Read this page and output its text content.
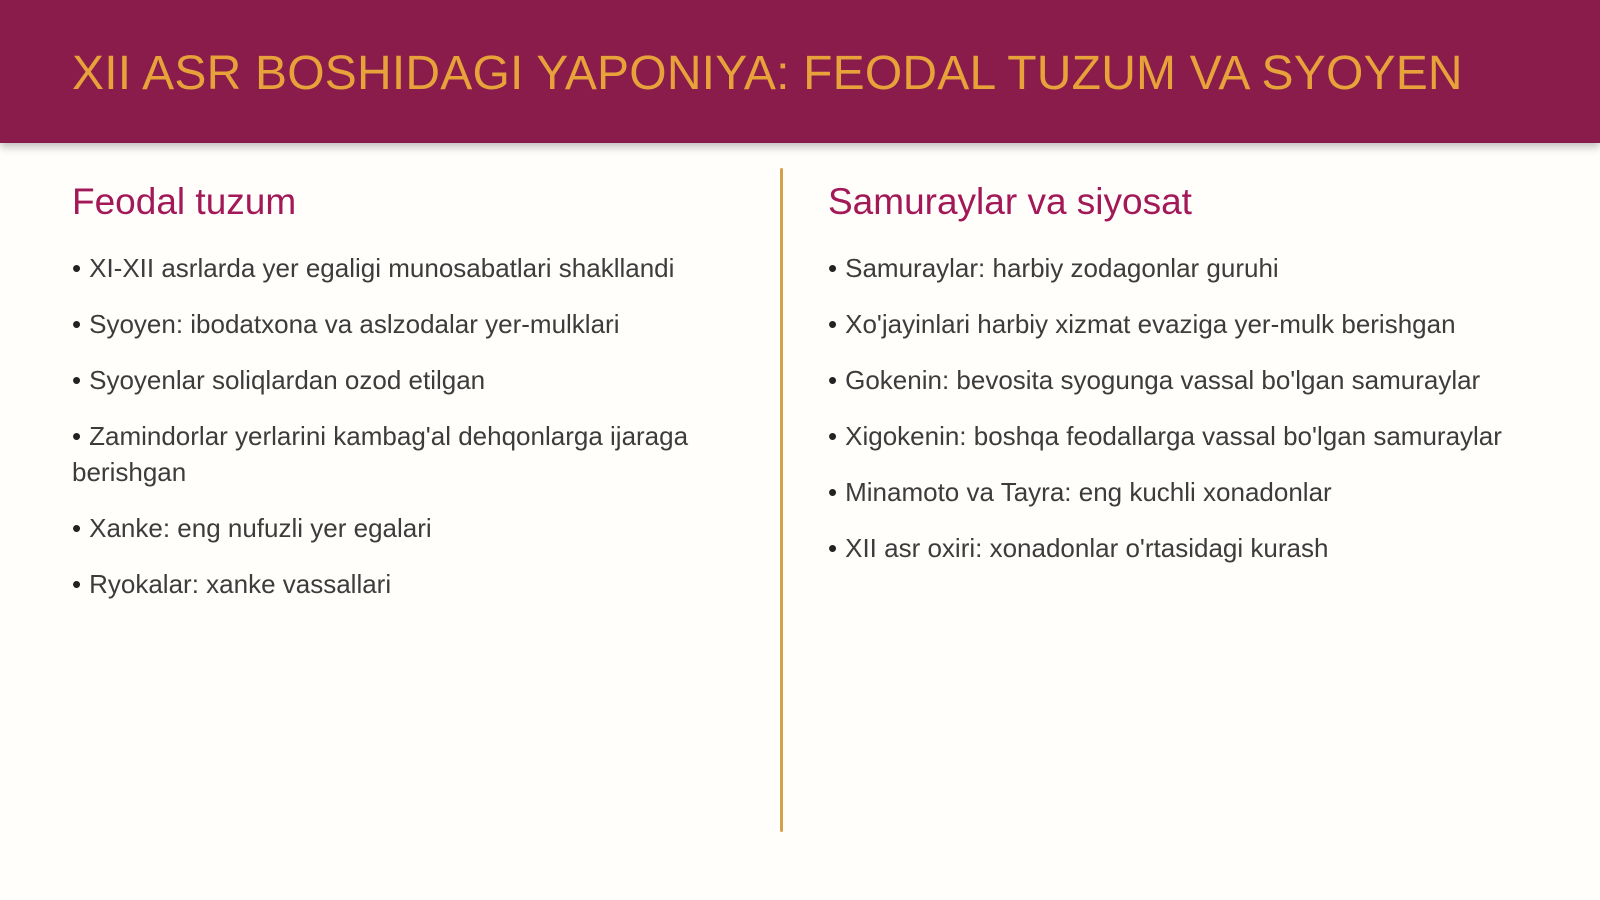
XII ASR BOSHIDAGI YAPONIYA: FEODAL TUZUM VA SYOYEN
Feodal tuzum
• XI-XII asrlarda yer egaligi munosabatlari shakllandi
• Syoyen: ibodatxona va aslzodalar yer-mulklari
• Syoyenlar soliqlardan ozod etilgan
• Zamindorlar yerlarini kambag'al dehqonlarga ijaraga berishgan
• Xanke: eng nufuzli yer egalari
• Ryokalar: xanke vassallari
Samuraylar va siyosat
• Samuraylar: harbiy zodagonlar guruhi
• Xo'jayinlari harbiy xizmat evaziga yer-mulk berishgan
• Gokenin: bevosita syogunga vassal bo'lgan samuraylar
• Xigokenin: boshqa feodallarga vassal bo'lgan samuraylar
• Minamoto va Tayra: eng kuchli xonadonlar
• XII asr oxiri: xonadonlar o'rtasidagi kurash
